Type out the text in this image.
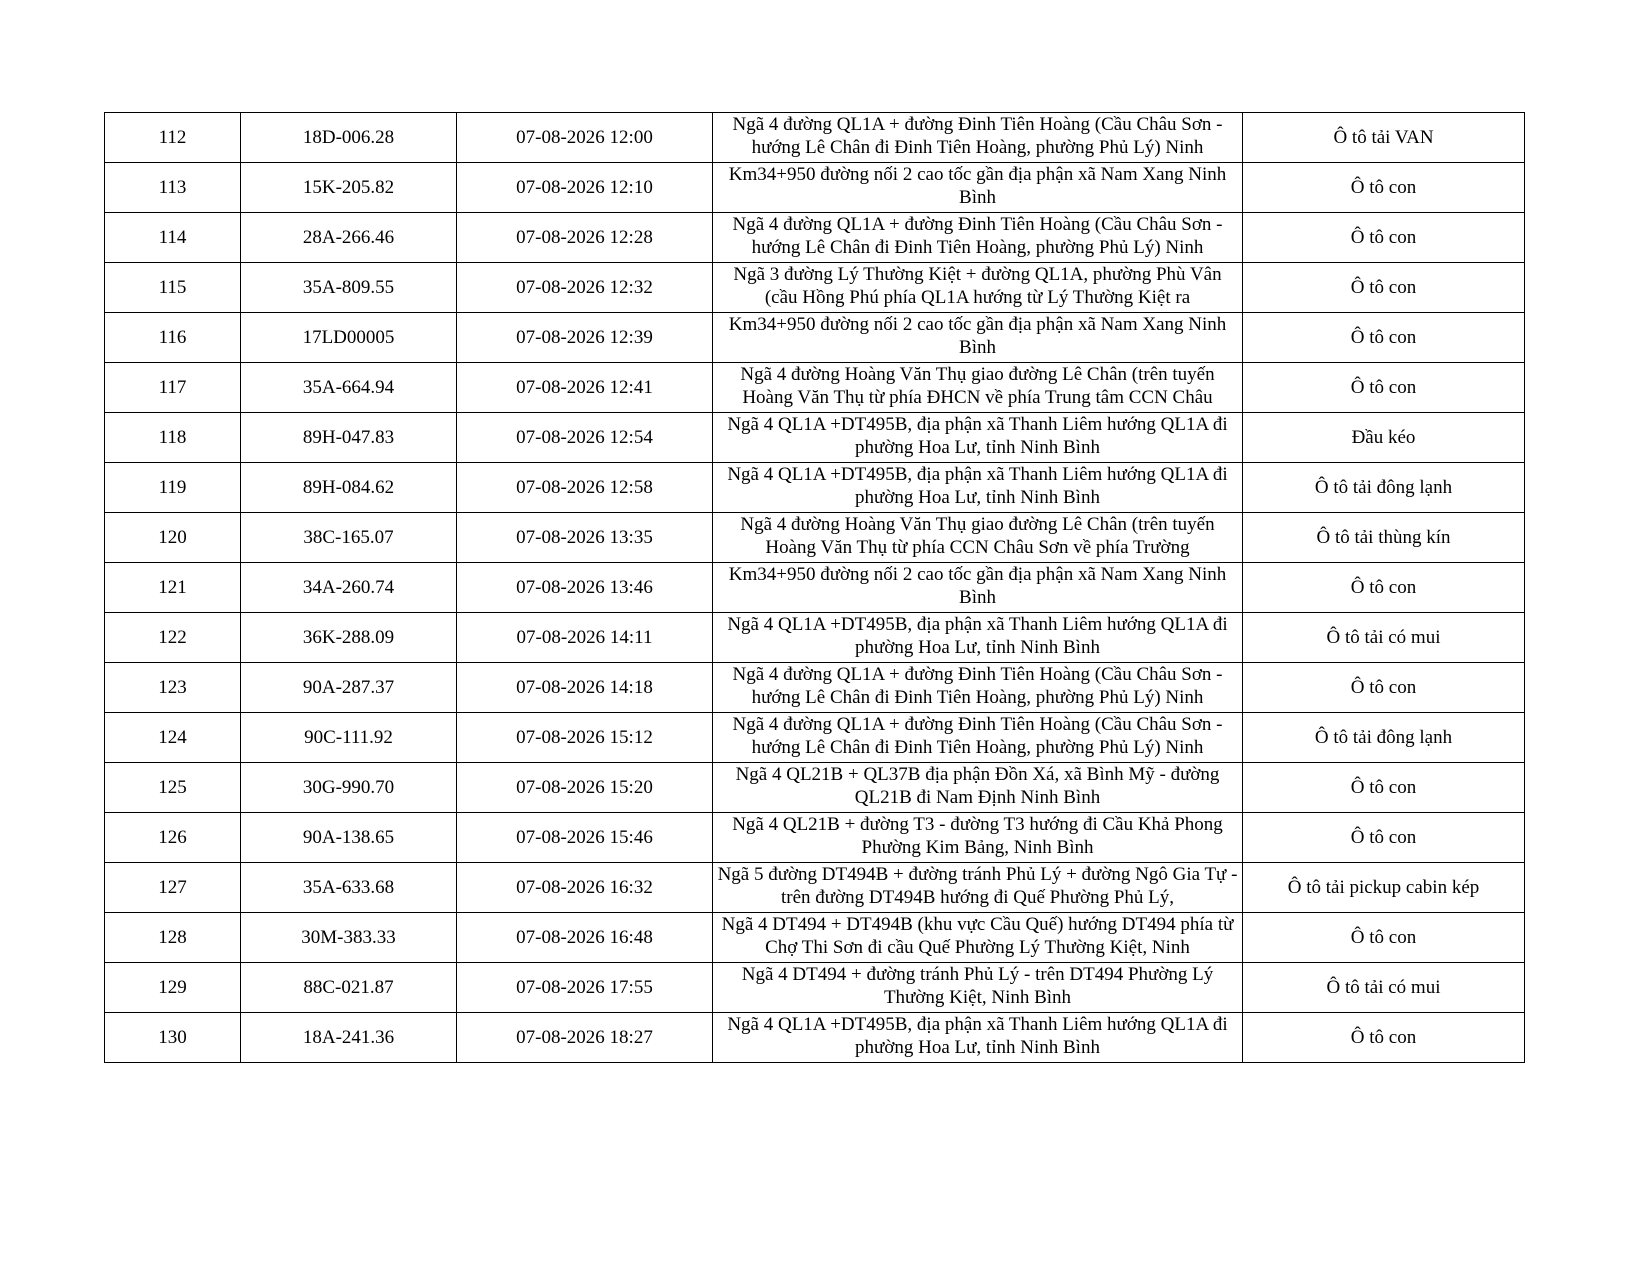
112	18D-006.28	07-08-2026 12:00	Ngã 4 đường QL1A + đường Đinh Tiên Hoàng (Cầu Châu Sơn - hướng Lê Chân đi Đinh Tiên Hoàng, phường Phủ Lý) Ninh	Ô tô tải VAN
113	15K-205.82	07-08-2026 12:10	Km34+950 đường nối 2 cao tốc gần địa phận xã Nam Xang Ninh Bình	Ô tô con
114	28A-266.46	07-08-2026 12:28	Ngã 4 đường QL1A + đường Đinh Tiên Hoàng (Cầu Châu Sơn - hướng Lê Chân đi Đinh Tiên Hoàng, phường Phủ Lý) Ninh	Ô tô con
115	35A-809.55	07-08-2026 12:32	Ngã 3 đường Lý Thường Kiệt + đường QL1A, phường Phù Vân (cầu Hồng Phú phía QL1A hướng từ Lý Thường Kiệt ra	Ô tô con
116	17LD00005	07-08-2026 12:39	Km34+950 đường nối 2 cao tốc gần địa phận xã Nam Xang Ninh Bình	Ô tô con
117	35A-664.94	07-08-2026 12:41	Ngã 4 đường Hoàng Văn Thụ giao đường Lê Chân (trên tuyến Hoàng Văn Thụ từ phía ĐHCN về phía Trung tâm CCN Châu	Ô tô con
118	89H-047.83	07-08-2026 12:54	Ngã 4 QL1A +DT495B, địa phận xã Thanh Liêm hướng QL1A đi phường Hoa Lư, tỉnh Ninh Bình	Đầu kéo
119	89H-084.62	07-08-2026 12:58	Ngã 4 QL1A +DT495B, địa phận xã Thanh Liêm hướng QL1A đi phường Hoa Lư, tỉnh Ninh Bình	Ô tô tải đông lạnh
120	38C-165.07	07-08-2026 13:35	Ngã 4 đường Hoàng Văn Thụ giao đường Lê Chân (trên tuyến Hoàng Văn Thụ từ phía CCN Châu Sơn về phía Trường	Ô tô tải thùng kín
121	34A-260.74	07-08-2026 13:46	Km34+950 đường nối 2 cao tốc gần địa phận xã Nam Xang Ninh Bình	Ô tô con
122	36K-288.09	07-08-2026 14:11	Ngã 4 QL1A +DT495B, địa phận xã Thanh Liêm hướng QL1A đi phường Hoa Lư, tỉnh Ninh Bình	Ô tô tải có mui
123	90A-287.37	07-08-2026 14:18	Ngã 4 đường QL1A + đường Đinh Tiên Hoàng (Cầu Châu Sơn - hướng Lê Chân đi Đinh Tiên Hoàng, phường Phủ Lý) Ninh	Ô tô con
124	90C-111.92	07-08-2026 15:12	Ngã 4 đường QL1A + đường Đinh Tiên Hoàng (Cầu Châu Sơn - hướng Lê Chân đi Đinh Tiên Hoàng, phường Phủ Lý) Ninh	Ô tô tải đông lạnh
125	30G-990.70	07-08-2026 15:20	Ngã 4 QL21B + QL37B địa phận Đồn Xá, xã Bình Mỹ - đường QL21B đi Nam Định Ninh Bình	Ô tô con
126	90A-138.65	07-08-2026 15:46	Ngã 4 QL21B + đường T3 - đường T3 hướng đi Cầu Khả Phong Phường Kim Bảng, Ninh Bình	Ô tô con
127	35A-633.68	07-08-2026 16:32	Ngã 5 đường DT494B + đường tránh Phủ Lý + đường Ngô Gia Tự - trên đường DT494B hướng đi Quế Phường Phủ Lý,	Ô tô tải pickup cabin kép
128	30M-383.33	07-08-2026 16:48	Ngã 4 DT494 + DT494B (khu vực Cầu Quế) hướng DT494 phía từ Chợ Thi Sơn đi cầu Quế Phường Lý Thường Kiệt, Ninh	Ô tô con
129	88C-021.87	07-08-2026 17:55	Ngã 4 DT494 + đường tránh Phủ Lý - trên DT494 Phường Lý Thường Kiệt, Ninh Bình	Ô tô tải có mui
130	18A-241.36	07-08-2026 18:27	Ngã 4 QL1A +DT495B, địa phận xã Thanh Liêm hướng QL1A đi phường Hoa Lư, tỉnh Ninh Bình	Ô tô con
